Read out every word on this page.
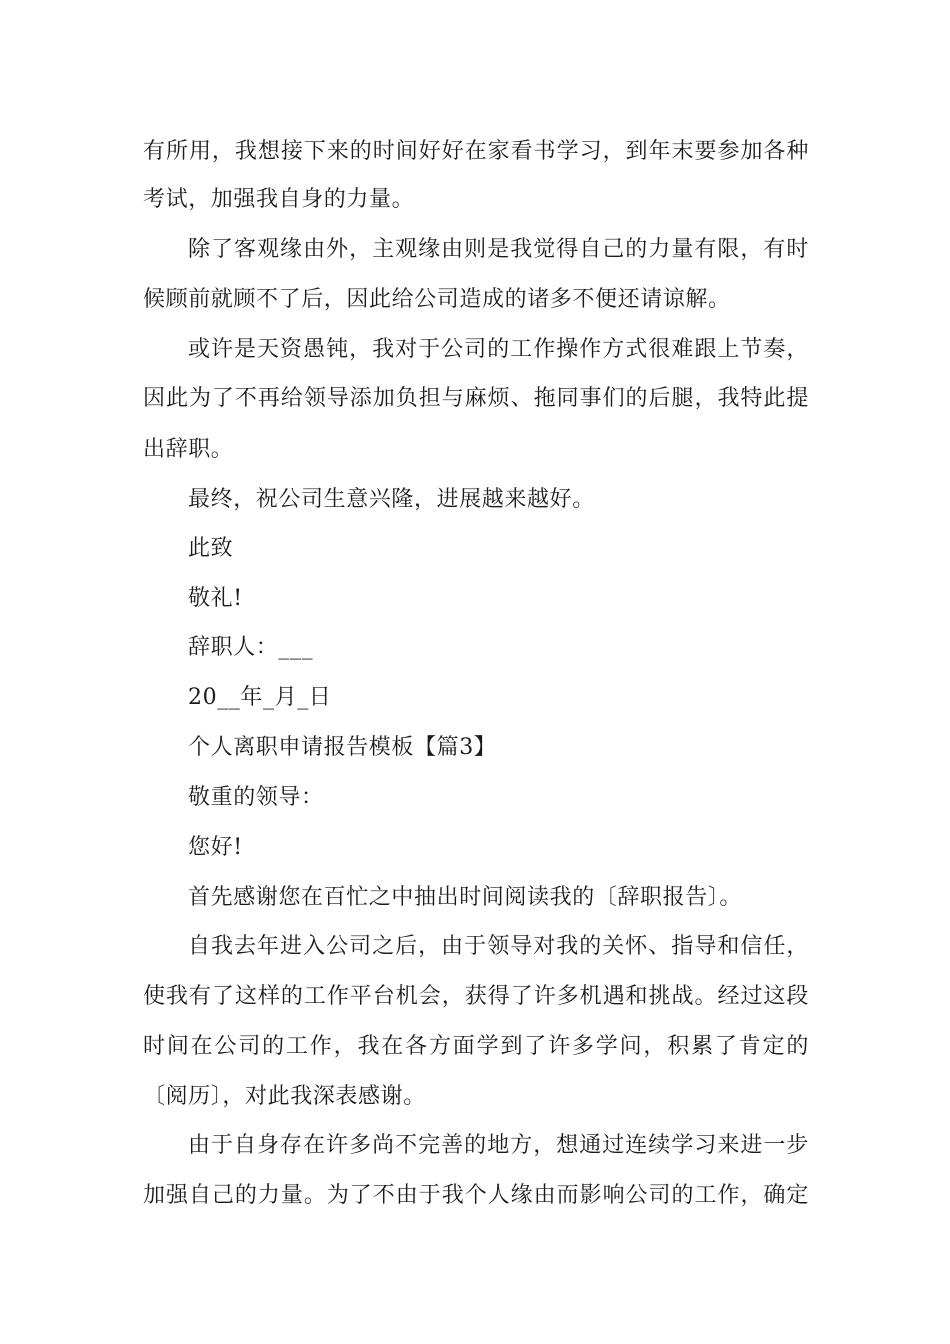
有所用，我想接下来的时间好好在家看书学习，到年末要参加各种
考试，加强我自身的力量。
除了客观缘由外，主观缘由则是我觉得自己的力量有限，有时
候顾前就顾不了后，因此给公司造成的诸多不便还请谅解。
或许是天资愚钝，我对于公司的工作操作方式很难跟上节奏，
因此为了不再给领导添加负担与麻烦、拖同事们的后腿，我特此提
出辞职。
最终，祝公司生意兴隆，进展越来越好。
此致
敬礼!
辞职人：___
20__年_月_日
个人离职申请报告模板【篇3】
敬重的领导：
您好!
首先感谢您在百忙之中抽出时间阅读我的〔辞职报告〕。
自我去年进入公司之后，由于领导对我的关怀、指导和信任，
使我有了这样的工作平台机会，获得了许多机遇和挑战。经过这段
时间在公司的工作，我在各方面学到了许多学问，积累了肯定的
〔阅历〕，对此我深表感谢。
由于自身存在许多尚不完善的地方，想通过连续学习来进一步
加强自己的力量。为了不由于我个人缘由而影响公司的工作，确定
